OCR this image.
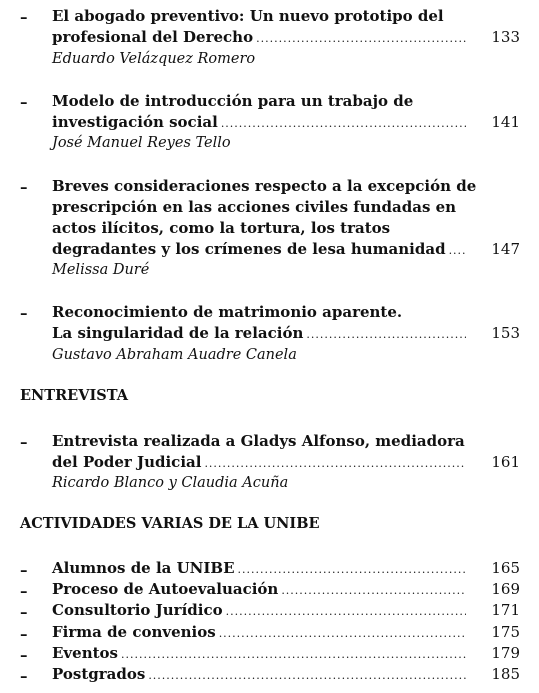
– El abogado preventivo: Un nuevo prototipo del
profesional del Derecho .....	133
Eduardo Velázquez Romero
– Modelo de introducción para un trabajo de
investigación social .....	141
José Manuel Reyes Tello
– Breves consideraciones respecto a la excepción de
prescripción en las acciones civiles fundadas en
actos ilícitos, como la tortura, los tratos
degradantes y los crímenes de lesa humanidad .....	147
Melissa Duré
– Reconocimiento de matrimonio aparente.
La singularidad de la relación .....	153
Gustavo Abraham Auadre Canela
ENTREVISTA
– Entrevista realizada a Gladys Alfonso, mediadora
del Poder Judicial .....	161
Ricardo Blanco y Claudia Acuña
ACTIVIDADES VARIAS DE LA UNIBE
– Alumnos de la UNIBE .....	165
– Proceso de Autoevaluación .....	169
– Consultorio Jurídico .....	171
– Firma de convenios .....	175
– Eventos .....	179
– Postgrados .....	185
